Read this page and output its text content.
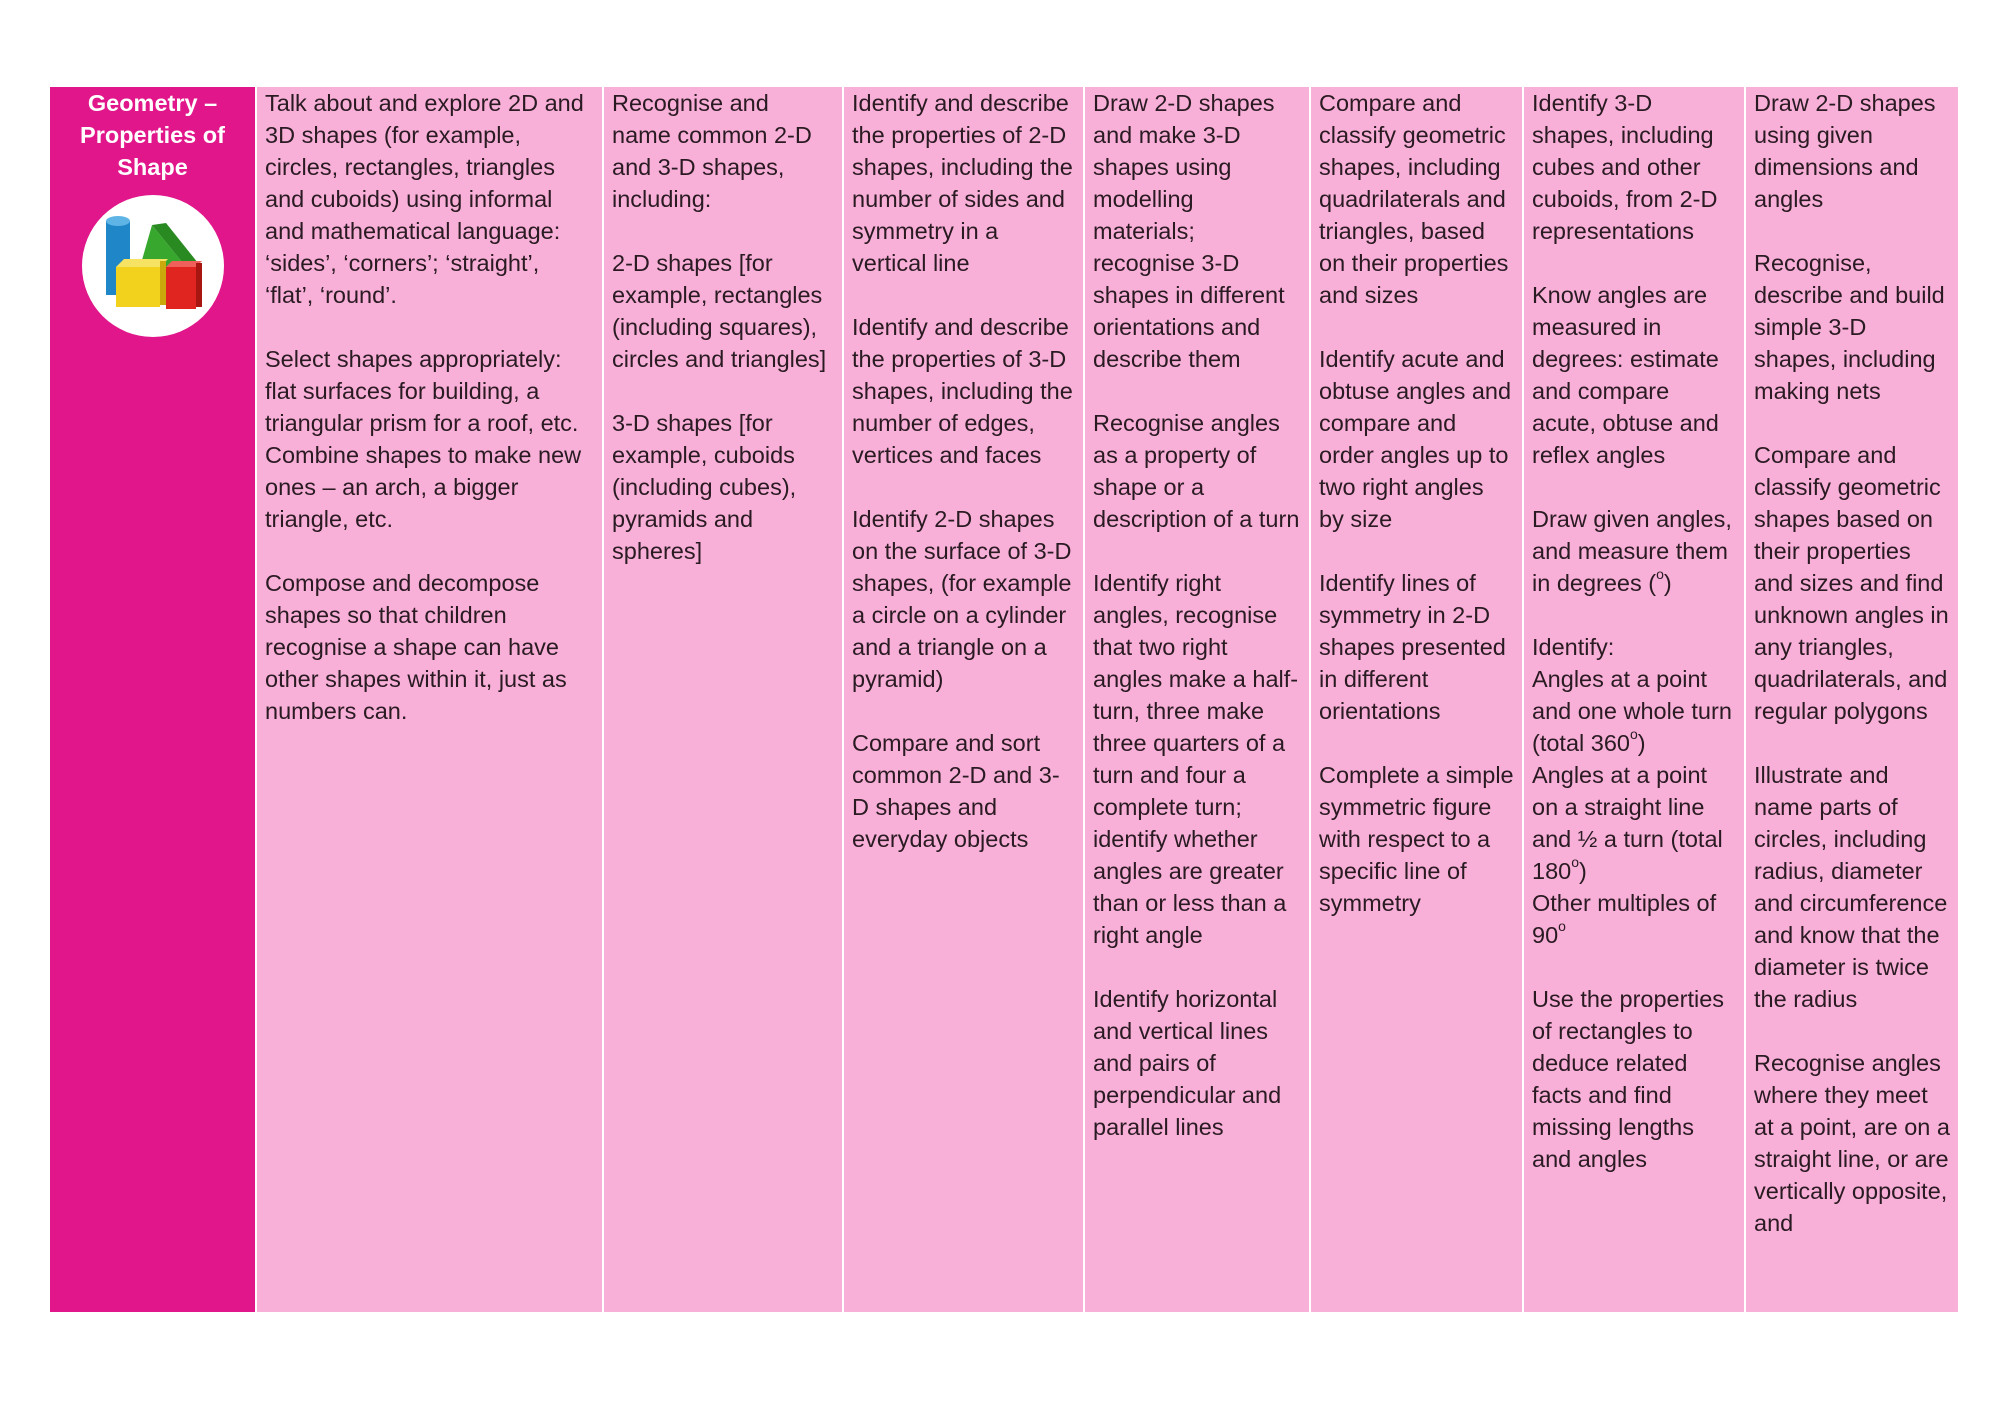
Geometry – Properties of Shape

Talk about and explore 2D and 3D shapes (for example, circles, rectangles, triangles and cuboids) using informal and mathematical language: ‘sides’, ‘corners’; ‘straight’, ‘flat’, ‘round’.

Select shapes appropriately: flat surfaces for building, a triangular prism for a roof, etc. Combine shapes to make new ones – an arch, a bigger triangle, etc.

Compose and decompose shapes so that children recognise a shape can have other shapes within it, just as numbers can.

Recognise and name common 2-D and 3-D shapes, including:

2-D shapes [for example, rectangles (including squares), circles and triangles]

3-D shapes [for example, cuboids (including cubes), pyramids and spheres]

Identify and describe the properties of 2-D shapes, including the number of sides and symmetry in a vertical line

Identify and describe the properties of 3-D shapes, including the number of edges, vertices and faces

Identify 2-D shapes on the surface of 3-D shapes, (for example a circle on a cylinder and a triangle on a pyramid)

Compare and sort common 2-D and 3-D shapes and everyday objects

Draw 2-D shapes and make 3-D shapes using modelling materials; recognise 3-D shapes in different orientations and describe them

Recognise angles as a property of shape or a description of a turn

Identify right angles, recognise that two right angles make a half-turn, three make three quarters of a turn and four a complete turn; identify whether angles are greater than or less than a right angle

Identify horizontal and vertical lines and pairs of perpendicular and parallel lines

Compare and classify geometric shapes, including quadrilaterals and triangles, based on their properties and sizes

Identify acute and obtuse angles and compare and order angles up to two right angles by size

Identify lines of symmetry in 2-D shapes presented in different orientations

Complete a simple symmetric figure with respect to a specific line of symmetry

Identify 3-D shapes, including cubes and other cuboids, from 2-D representations

Know angles are measured in degrees: estimate and compare acute, obtuse and reflex angles

Draw given angles, and measure them in degrees ($^o$)

Identify:
Angles at a point and one whole turn (total 360$^o$)
Angles at a point on a straight line and ½ a turn (total 180$^o$)
Other multiples of 90$^o$

Use the properties of rectangles to deduce related facts and find missing lengths and angles

Draw 2-D shapes using given dimensions and angles

Recognise, describe and build simple 3-D shapes, including making nets

Compare and classify geometric shapes based on their properties and sizes and find unknown angles in any triangles, quadrilaterals, and regular polygons

Illustrate and name parts of circles, including radius, diameter and circumference and know that the diameter is twice the radius

Recognise angles where they meet at a point, are on a straight line, or are vertically opposite, and
